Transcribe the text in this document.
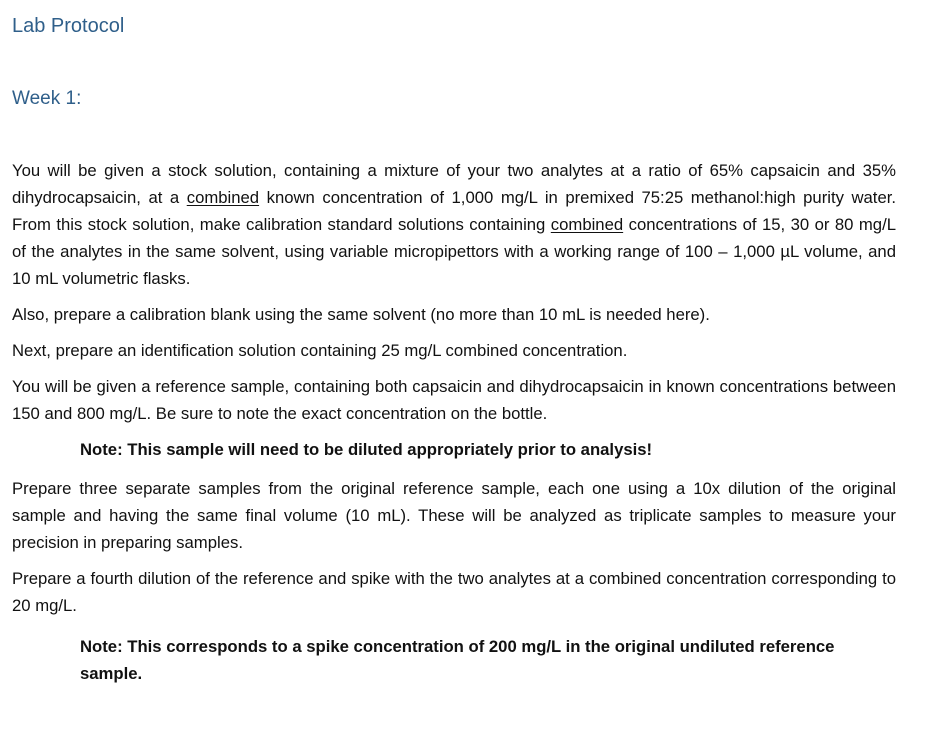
Lab Protocol
Week 1:

You will be given a stock solution, containing a mixture of your two analytes at a ratio of 65% capsaicin and 35% dihydrocapsaicin, at a combined known concentration of 1,000 mg/L in premixed 75:25 methanol:high purity water. From this stock solution, make calibration standard solutions containing combined concentrations of 15, 30 or 80 mg/L of the analytes in the same solvent, using variable micropipettors with a working range of 100 – 1,000 µL volume, and 10 mL volumetric flasks.

Also, prepare a calibration blank using the same solvent (no more than 10 mL is needed here).

Next, prepare an identification solution containing 25 mg/L combined concentration.

You will be given a reference sample, containing both capsaicin and dihydrocapsaicin in known concentrations between 150 and 800 mg/L. Be sure to note the exact concentration on the bottle.

Note: This sample will need to be diluted appropriately prior to analysis!

Prepare three separate samples from the original reference sample, each one using a 10x dilution of the original sample and having the same final volume (10 mL). These will be analyzed as triplicate samples to measure your precision in preparing samples.

Prepare a fourth dilution of the reference and spike with the two analytes at a combined concentration corresponding to 20 mg/L.

Note: This corresponds to a spike concentration of 200 mg/L in the original undiluted reference sample.
